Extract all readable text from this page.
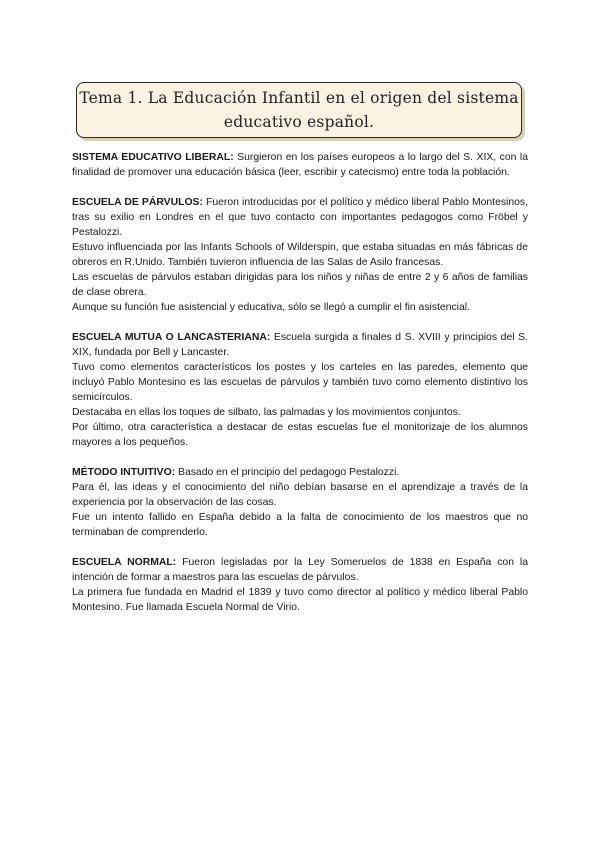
Tema 1. La Educación Infantil en el origen del sistema
educativo español.

SISTEMA EDUCATIVO LIBERAL: Surgieron en los países europeos a lo largo del S. XIX, con la finalidad de promover una educación básica (leer, escribir y catecismo) entre toda la población.

ESCUELA DE PÁRVULOS: Fueron introducidas por el político y médico liberal Pablo Montesinos, tras su exilio en Londres en el que tuvo contacto con importantes pedagogos como Fröbel y Pestalozzi.

Estuvo influenciada por las Infants Schools of Wilderspin, que estaba situadas en más fábricas de obreros en R.Unido. También tuvieron influencia de las Salas de Asilo francesas.

Las escuelas de párvulos estaban dirigidas para los niños y niñas de entre 2 y 6 años de familias de clase obrera.

Aunque su función fue asistencial y educativa, sólo se llegó a cumplir el fin asistencial.

ESCUELA MUTUA O LANCASTERIANA: Escuela surgida a finales d S. XVIII y principios del S. XIX, fundada por Bell y Lancaster.

Tuvo como elementos característicos los postes y los carteles en las paredes, elemento que incluyó Pablo Montesino es las escuelas de párvulos y también tuvo como elemento distintivo los semicírculos.

Destacaba en ellas los toques de silbato, las palmadas y los movimientos conjuntos.

Por último, otra característica a destacar de estas escuelas fue el monitorizaje de los alumnos mayores a los pequeños.

MÉTODO INTUITIVO: Basado en el principio del pedagogo Pestalozzi.

Para él, las ideas y el conocimiento del niño debían basarse en el aprendizaje a través de la experiencia por la observación de las cosas.

Fue un intento fallido en España debido a la falta de conocimiento de los maestros que no terminaban de comprenderlo.

ESCUELA NORMAL: Fueron legisladas por la Ley Someruelos de 1838 en España con la intención de formar a maestros para las escuelas de párvulos.

La primera fue fundada en Madrid el 1839 y tuvo como director al político y médico liberal Pablo Montesino. Fue llamada Escuela Normal de Virio.
